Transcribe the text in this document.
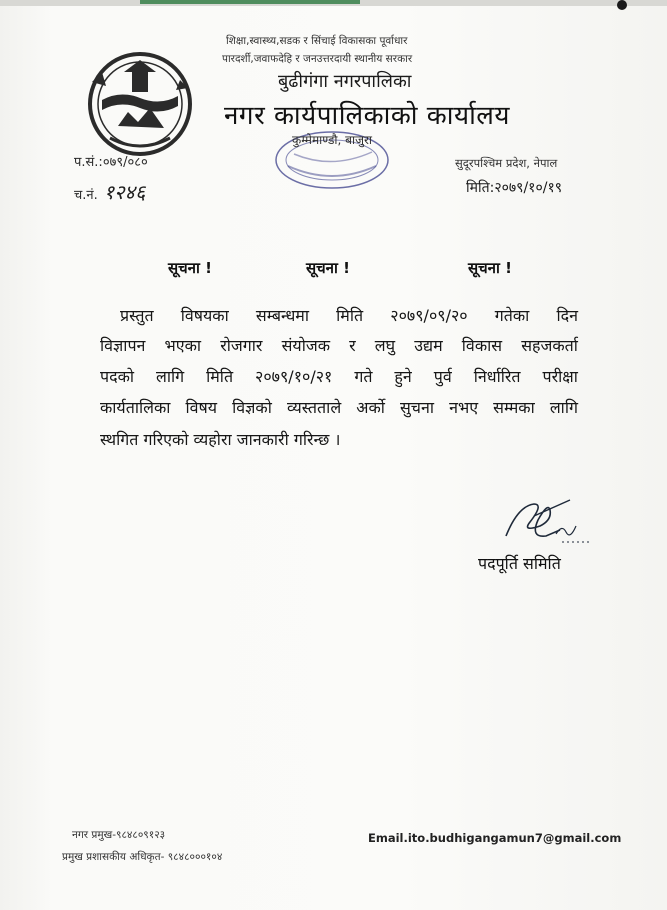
शिक्षा,स्वास्थ्य,सडक र सिंचाई विकासका पूर्वाधार
पारदर्शी,जवाफदेहि र जनउत्तरदायी स्थानीय सरकार
बुढीगंगा नगरपालिका
नगर कार्यपालिकाको कार्यालय
कुम्मेमाण्डौ, बाजुरा
प.सं.:०७९/०८०
च.नं. १२४६
सुदूरपश्चिम प्रदेश, नेपाल
मिति:२०७९/१०/१९
सूचना !	सूचना !	सूचना !
प्रस्तुत विषयका सम्बन्धमा मिति २०७९/०९/२० गतेका दिन
विज्ञापन भएका रोजगार संयोजक र लघु उद्यम विकास सहजकर्ता
पदको लागि मिति २०७९/१०/२१ गते हुने पुर्व निर्धारित परीक्षा
कार्यतालिका विषय विज्ञको व्यस्तताले अर्को सुचना नभए सम्मका लागि
स्थगित गरिएको व्यहोरा जानकारी गरिन्छ ।
पदपूर्ति समिति
नगर प्रमुख-९८४८०९१२३
प्रमुख प्रशासकीय अधिकृत- ९८४८०००१०४
Email.ito.budhigangamun7@gmail.com
